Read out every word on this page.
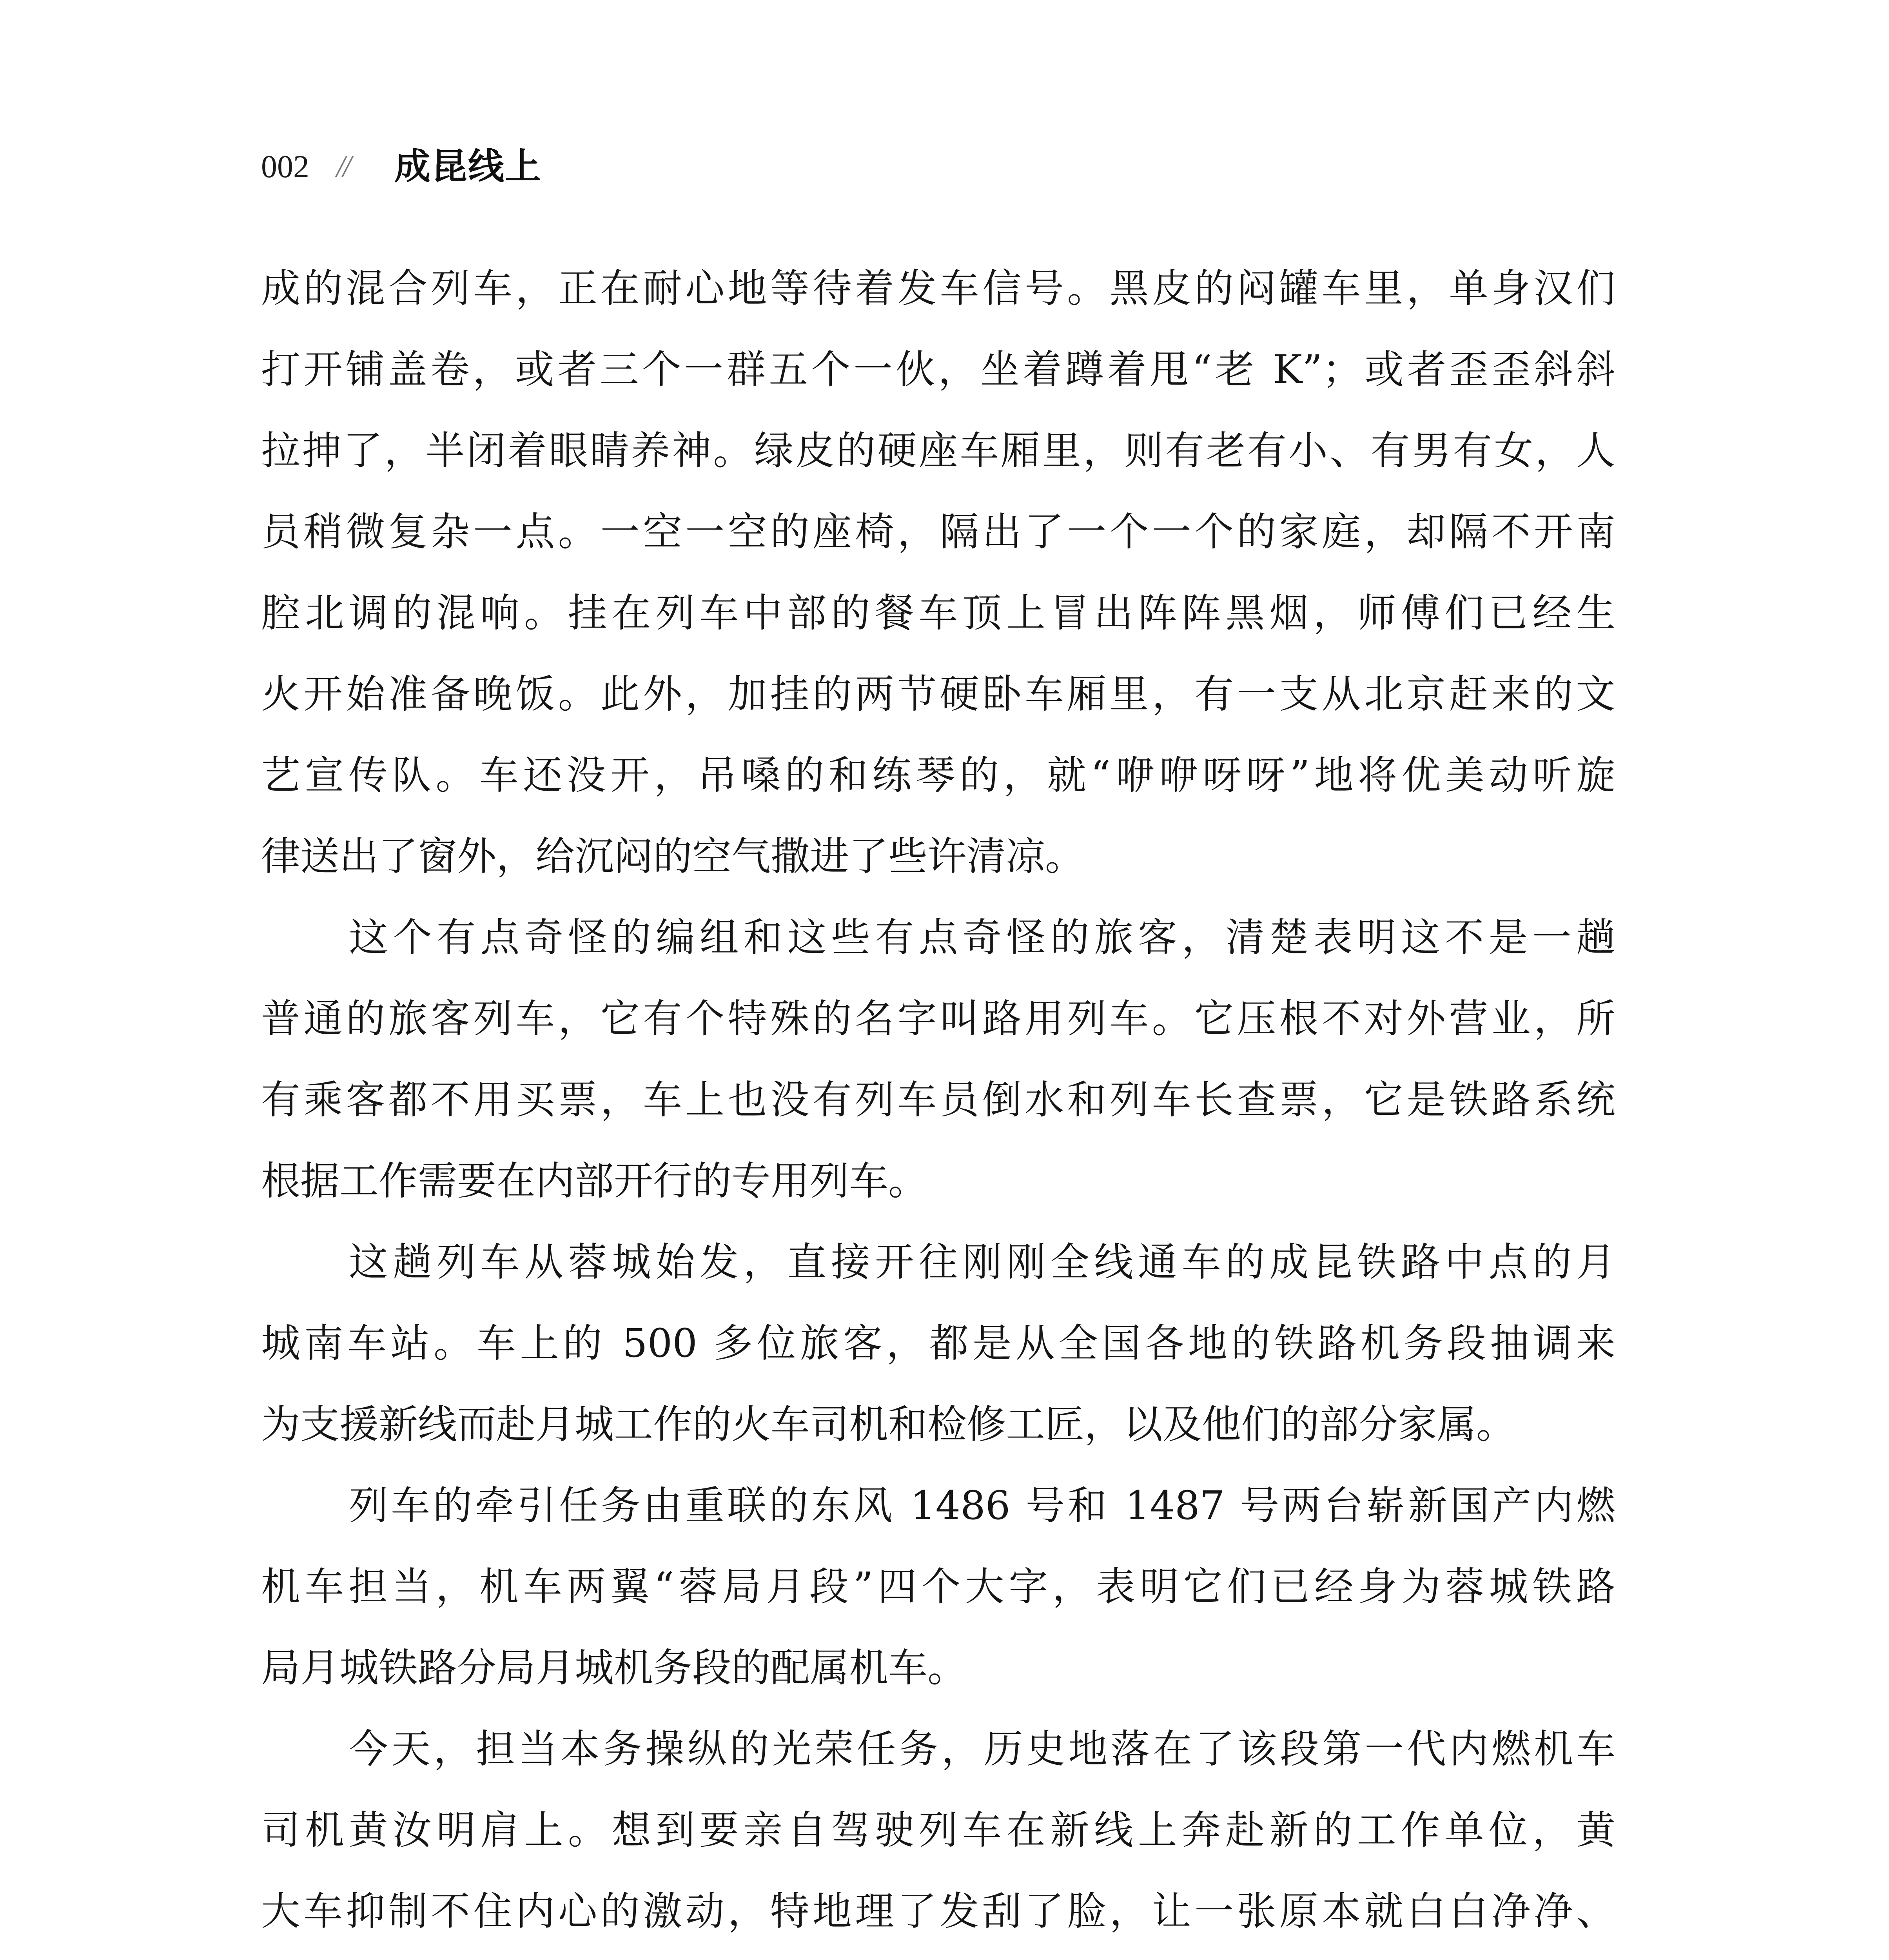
002 // 成昆线上
成的混合列车，正在耐心地等待着发车信号。黑皮的闷罐车里，单身汉们
打开铺盖卷，或者三个一群五个一伙，坐着蹲着甩“老 K”；或者歪歪斜斜
拉抻了，半闭着眼睛养神。绿皮的硬座车厢里，则有老有小、有男有女，人
员稍微复杂一点。一空一空的座椅，隔出了一个一个的家庭，却隔不开南
腔北调的混响。挂在列车中部的餐车顶上冒出阵阵黑烟，师傅们已经生
火开始准备晚饭。此外，加挂的两节硬卧车厢里，有一支从北京赶来的文
艺宣传队。车还没开，吊嗓的和练琴的，就“咿咿呀呀”地将优美动听旋
律送出了窗外，给沉闷的空气撒进了些许清凉。
这个有点奇怪的编组和这些有点奇怪的旅客，清楚表明这不是一趟
普通的旅客列车，它有个特殊的名字叫路用列车。它压根不对外营业，所
有乘客都不用买票，车上也没有列车员倒水和列车长查票，它是铁路系统
根据工作需要在内部开行的专用列车。
这趟列车从蓉城始发，直接开往刚刚全线通车的成昆铁路中点的月
城南车站。车上的 500 多位旅客，都是从全国各地的铁路机务段抽调来
为支援新线而赴月城工作的火车司机和检修工匠，以及他们的部分家属。
列车的牵引任务由重联的东风 1486 号和 1487 号两台崭新国产内燃
机车担当，机车两翼“蓉局月段”四个大字，表明它们已经身为蓉城铁路
局月城铁路分局月城机务段的配属机车。
今天，担当本务操纵的光荣任务，历史地落在了该段第一代内燃机车
司机黄汝明肩上。想到要亲自驾驶列车在新线上奔赴新的工作单位，黄
大车抑制不住内心的激动，特地理了发刮了脸，让一张原本就白白净净、
